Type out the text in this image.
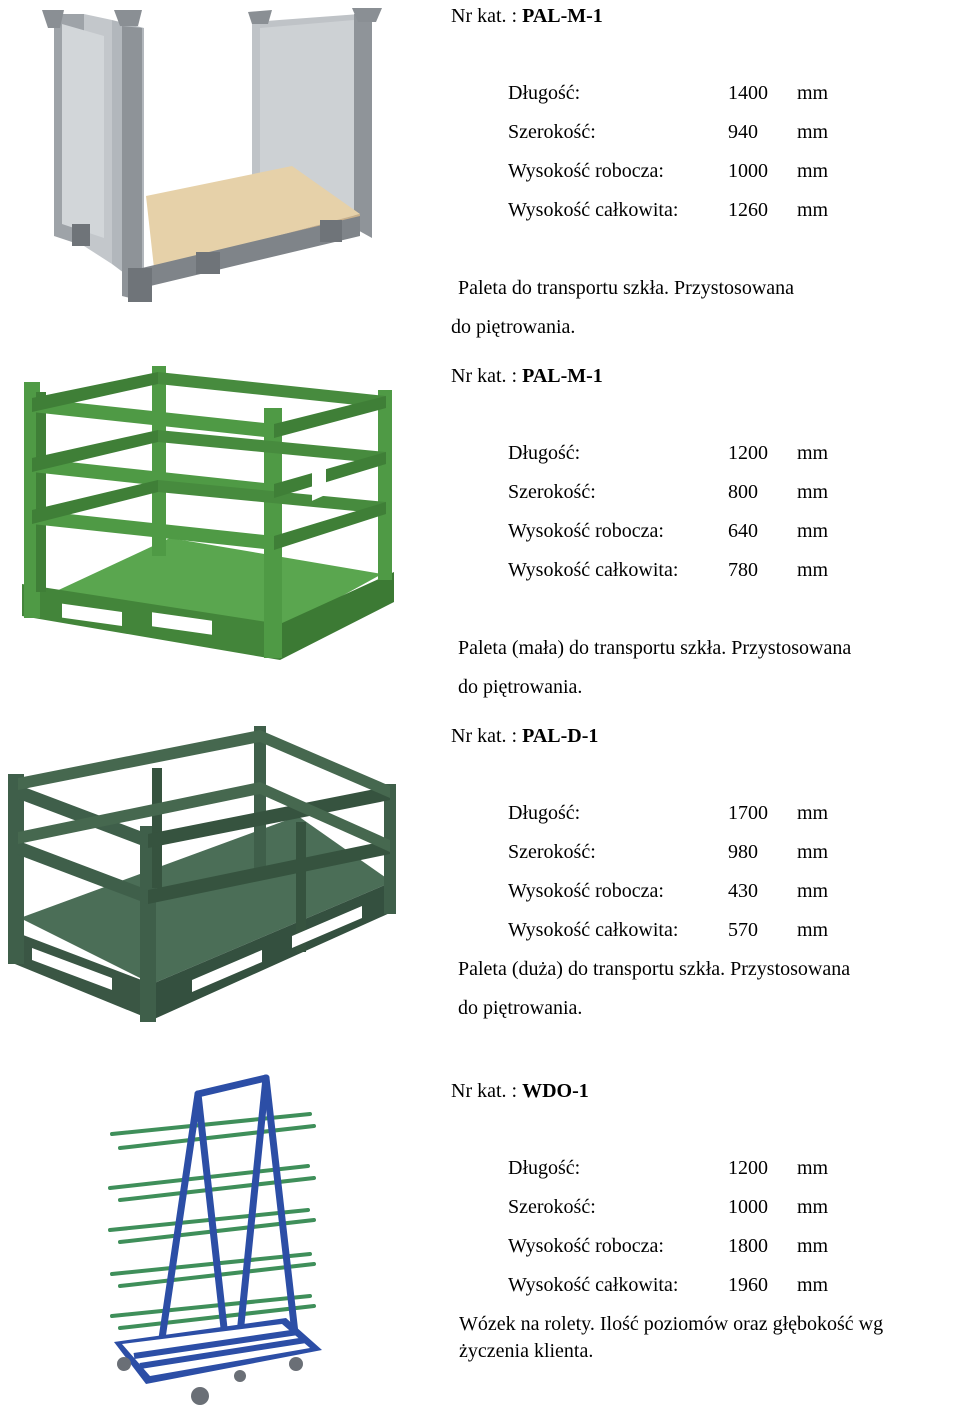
Nr kat. : PAL-M-1
Długość:	1400 mm
Szerokość:	940 mm
Wysokość robocza:	1000 mm
Wysokość całkowita: 1260 mm
Paleta do transportu szkła. Przystosowana
do piętrowania.
Nr kat. : PAL-M-1
Długość:	1200 mm
Szerokość:	800 mm
Wysokość robocza:	640 mm
Wysokość całkowita: 780 mm
Paleta (mała) do transportu szkła. Przystosowana
do piętrowania.
Nr kat. : PAL-D-1
Długość:	1700 mm
Szerokość:	980 mm
Wysokość robocza:	430 mm
Wysokość całkowita: 570 mm
Paleta (duża) do transportu szkła. Przystosowana
do piętrowania.
Nr kat. : WDO-1
Długość:	1200 mm
Szerokość:	1000 mm
Wysokość robocza:	1800 mm
Wysokość całkowita: 1960 mm
Wózek na rolety. Ilość poziomów oraz głębokość wg
życzenia klienta.
